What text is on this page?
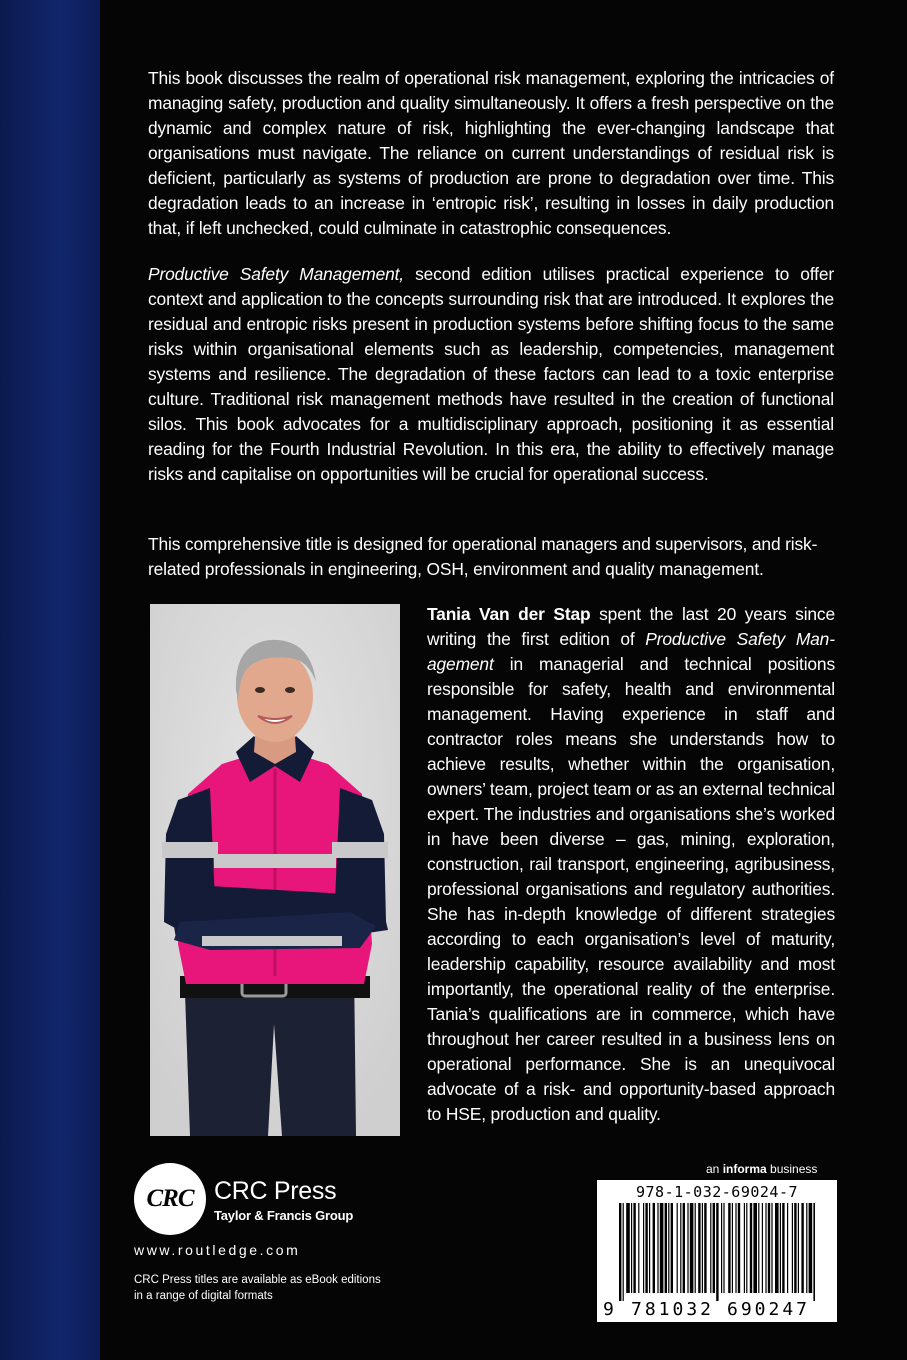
This book discusses the realm of operational risk management, exploring the intricacies of managing safety, production and quality simultaneously. It offers a fresh perspective on the dynamic and complex nature of risk, highlighting the ever-changing landscape that organisations must navigate. The reliance on current understandings of residual risk is deficient, particularly as systems of production are prone to degradation over time. This degradation leads to an increase in ‘entropic risk’, resulting in losses in daily production that, if left unchecked, could culminate in catastrophic consequences.

Productive Safety Management, second edition utilises practical experience to offer context and application to the concepts surrounding risk that are introduced. It explores the residual and entropic risks present in production systems before shifting focus to the same risks within organisational elements such as leadership, competencies, management systems and resilience. The degradation of these factors can lead to a toxic enterprise culture. Traditional risk management methods have resulted in the creation of functional silos. This book advocates for a multidisciplinary approach, positioning it as essential reading for the Fourth Industrial Revolution. In this era, the ability to effectively manage risks and capitalise on opportunities will be crucial for operational success.

This comprehensive title is designed for operational managers and supervisors, and risk-related professionals in engineering, OSH, environment and quality management.

Tania Van der Stap spent the last 20 years since writing the first edition of Productive Safety Management in managerial and technical positions responsible for safety, health and environmental management. Having experience in staff and contractor roles means she understands how to achieve results, whether within the organisation, owners’ team, project team or as an external technical expert. The industries and organisations she’s worked in have been diverse – gas, mining, exploration, construction, rail transport, engineering, agribusiness, professional organisations and regulatory authorities. She has in-depth knowledge of different strategies according to each organisation’s level of maturity, leadership capability, resource availability and most importantly, the operational reality of the enterprise. Tania’s qualifications are in commerce, which have throughout her career resulted in a business lens on operational performance. She is an unequivocal advocate of a risk- and opportunity-based approach to HSE, production and quality.

CRC CRC Press
Taylor & Francis Group
www.routledge.com
CRC Press titles are available as eBook editions
in a range of digital formats
an informa business
978-1-032-69024-7
9 781032 690247
